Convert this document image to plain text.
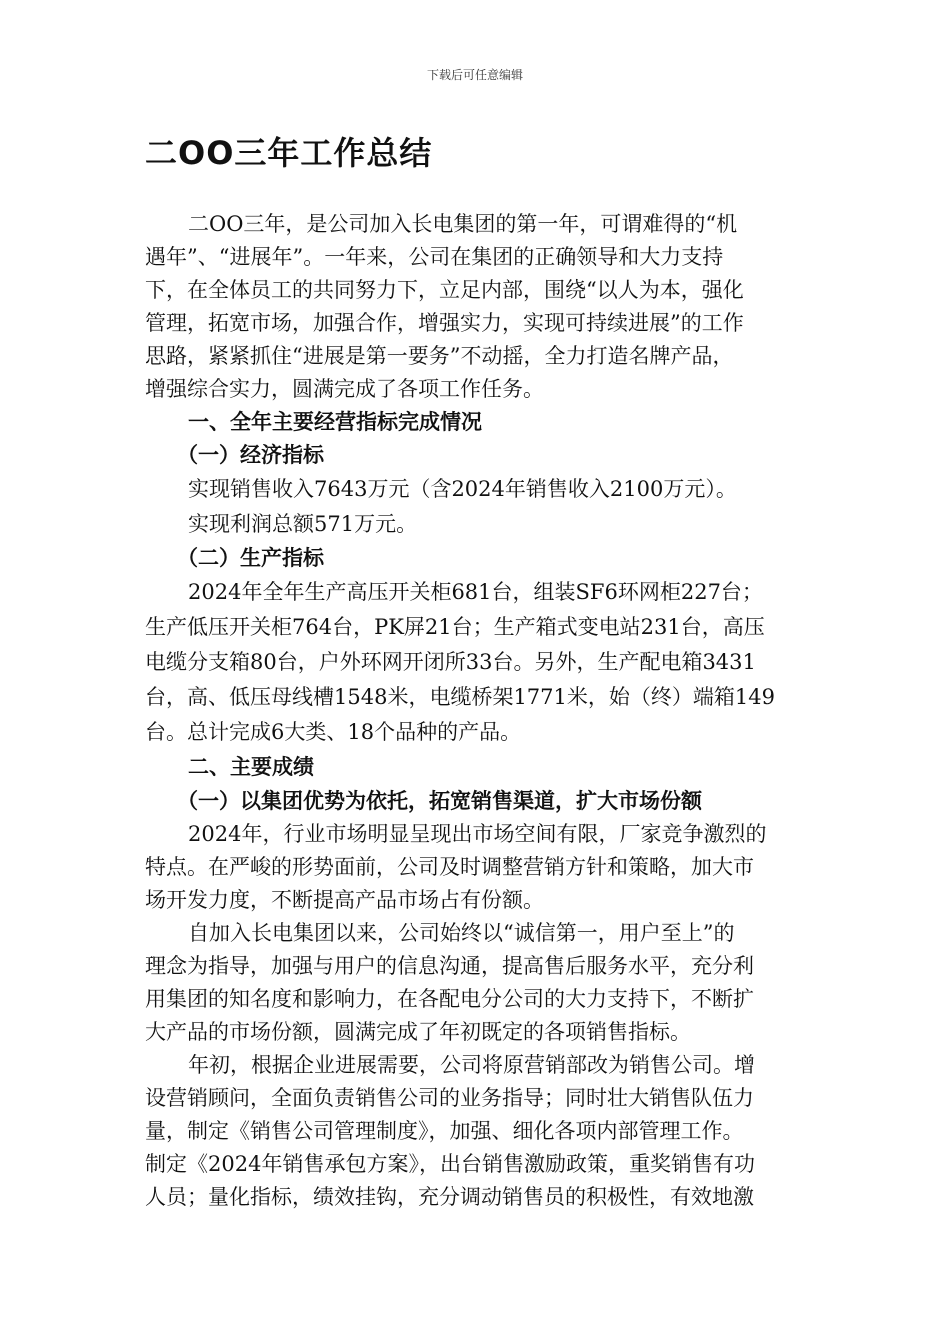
下载后可任意编辑
二OO三年工作总结
二OO三年，是公司加入长电集团的第一年，可谓难得的“机
遇年”、“进展年”。一年来，公司在集团的正确领导和大力支持
下，在全体员工的共同努力下，立足内部，围绕“以人为本，强化
管理，拓宽市场，加强合作，增强实力，实现可持续进展”的工作
思路，紧紧抓住“进展是第一要务”不动摇，全力打造名牌产品，
增强综合实力，圆满完成了各项工作任务。
一、全年主要经营指标完成情况
（一）经济指标
实现销售收入7643万元（含2024年销售收入2100万元）。
实现利润总额571万元。
（二）生产指标
2024年全年生产高压开关柜681台，组装SF6环网柜227台；
生产低压开关柜764台，PK屏21台；生产箱式变电站231台，高压
电缆分支箱80台，户外环网开闭所33台。另外，生产配电箱3431
台，高、低压母线槽1548米，电缆桥架1771米，始（终）端箱149
台。总计完成6大类、18个品种的产品。
二、主要成绩
（一）以集团优势为依托，拓宽销售渠道，扩大市场份额
2024年，行业市场明显呈现出市场空间有限，厂家竞争激烈的
特点。在严峻的形势面前，公司及时调整营销方针和策略，加大市
场开发力度，不断提高产品市场占有份额。
自加入长电集团以来，公司始终以“诚信第一，用户至上”的
理念为指导，加强与用户的信息沟通，提高售后服务水平，充分利
用集团的知名度和影响力，在各配电分公司的大力支持下，不断扩
大产品的市场份额，圆满完成了年初既定的各项销售指标。
年初，根据企业进展需要，公司将原营销部改为销售公司。增
设营销顾问，全面负责销售公司的业务指导；同时壮大销售队伍力
量，制定《销售公司管理制度》，加强、细化各项内部管理工作。
制定《2024年销售承包方案》，出台销售激励政策，重奖销售有功
人员；量化指标，绩效挂钩，充分调动销售员的积极性，有效地激
